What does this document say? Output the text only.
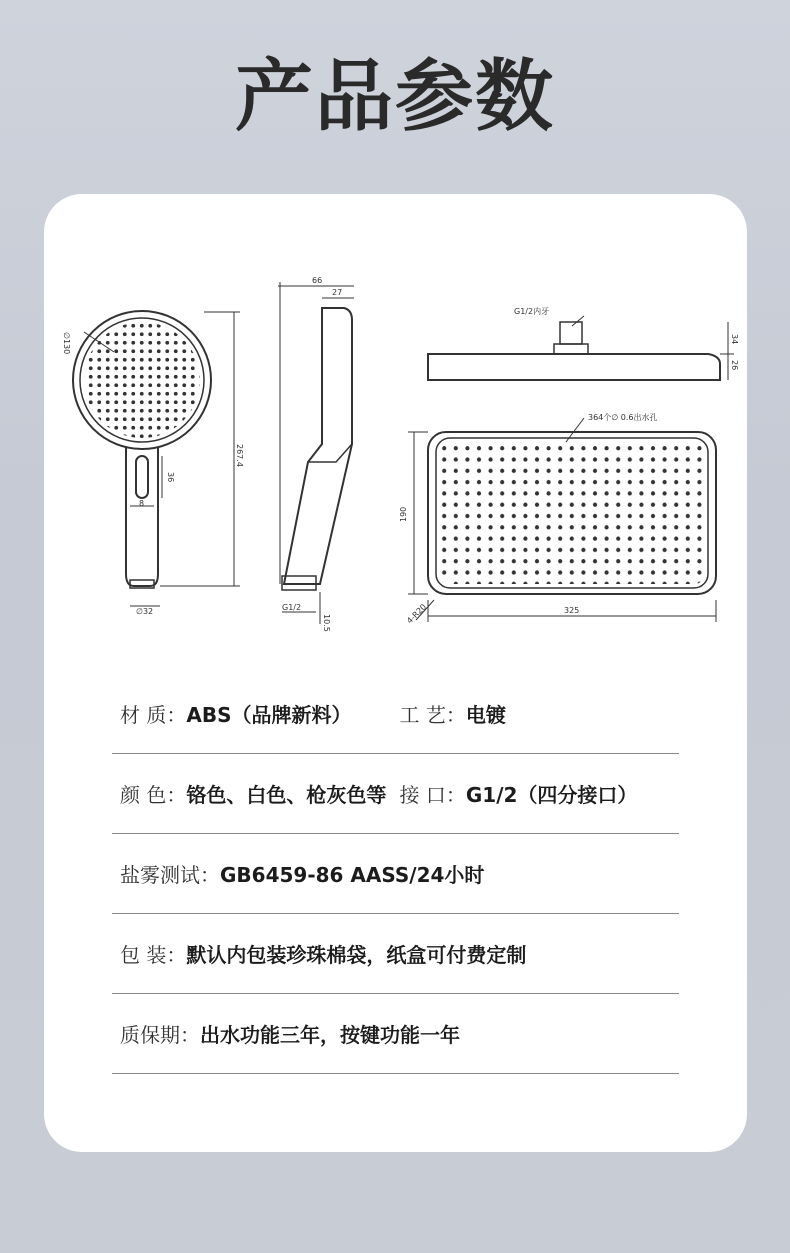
产品参数
∅130
267.4
36
8
∅32
66
27
G1/2
10.5
G1/2内牙
34
26
364个∅ 0.6出水孔
190
325
4-R20
材 质： ABS（品牌新料） 工 艺： 电镀
颜 色： 铬色、白色、枪灰色等 接 口： G1/2（四分接口）
盐雾测试： GB6459-86 AASS/24小时
包 装： 默认内包装珍珠棉袋，纸盒可付费定制
质保期： 出水功能三年，按键功能一年
